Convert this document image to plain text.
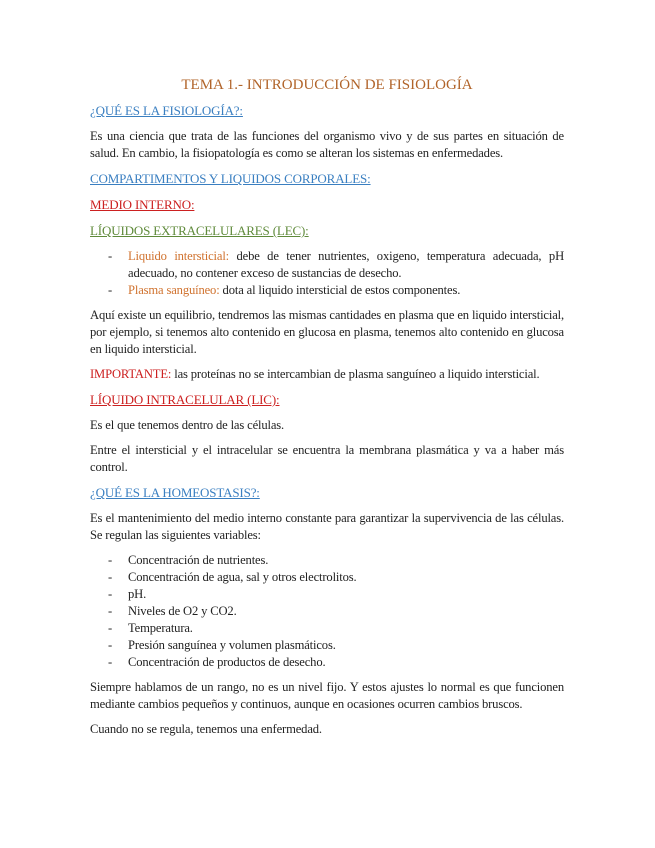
TEMA 1.- INTRODUCCIÓN DE FISIOLOGÍA
¿QUÉ ES LA FISIOLOGÍA?:

Es una ciencia que trata de las funciones del organismo vivo y de sus partes en situación de salud. En cambio, la fisiopatología es como se alteran los sistemas en enfermedades.

COMPARTIMENTOS Y LIQUIDOS CORPORALES:
MEDIO INTERNO:
LÍQUIDOS EXTRACELULARES (LEC):
- Liquido intersticial: debe de tener nutrientes, oxigeno, temperatura adecuada, pH adecuado, no contener exceso de sustancias de desecho.
- Plasma sanguíneo: dota al liquido intersticial de estos componentes.

Aquí existe un equilibrio, tendremos las mismas cantidades en plasma que en liquido intersticial, por ejemplo, si tenemos alto contenido en glucosa en plasma, tenemos alto contenido en glucosa en liquido intersticial.

IMPORTANTE: las proteínas no se intercambian de plasma sanguíneo a liquido intersticial.

LÍQUIDO INTRACELULAR (LIC):

Es el que tenemos dentro de las células.

Entre el intersticial y el intracelular se encuentra la membrana plasmática y va a haber más control.

¿QUÉ ES LA HOMEOSTASIS?:

Es el mantenimiento del medio interno constante para garantizar la supervivencia de las células. Se regulan las siguientes variables:

- Concentración de nutrientes.
- Concentración de agua, sal y otros electrolitos.
- pH.
- Niveles de O2 y CO2.
- Temperatura.
- Presión sanguínea y volumen plasmáticos.
- Concentración de productos de desecho.

Siempre hablamos de un rango, no es un nivel fijo. Y estos ajustes lo normal es que funcionen mediante cambios pequeños y continuos, aunque en ocasiones ocurren cambios bruscos.

Cuando no se regula, tenemos una enfermedad.
